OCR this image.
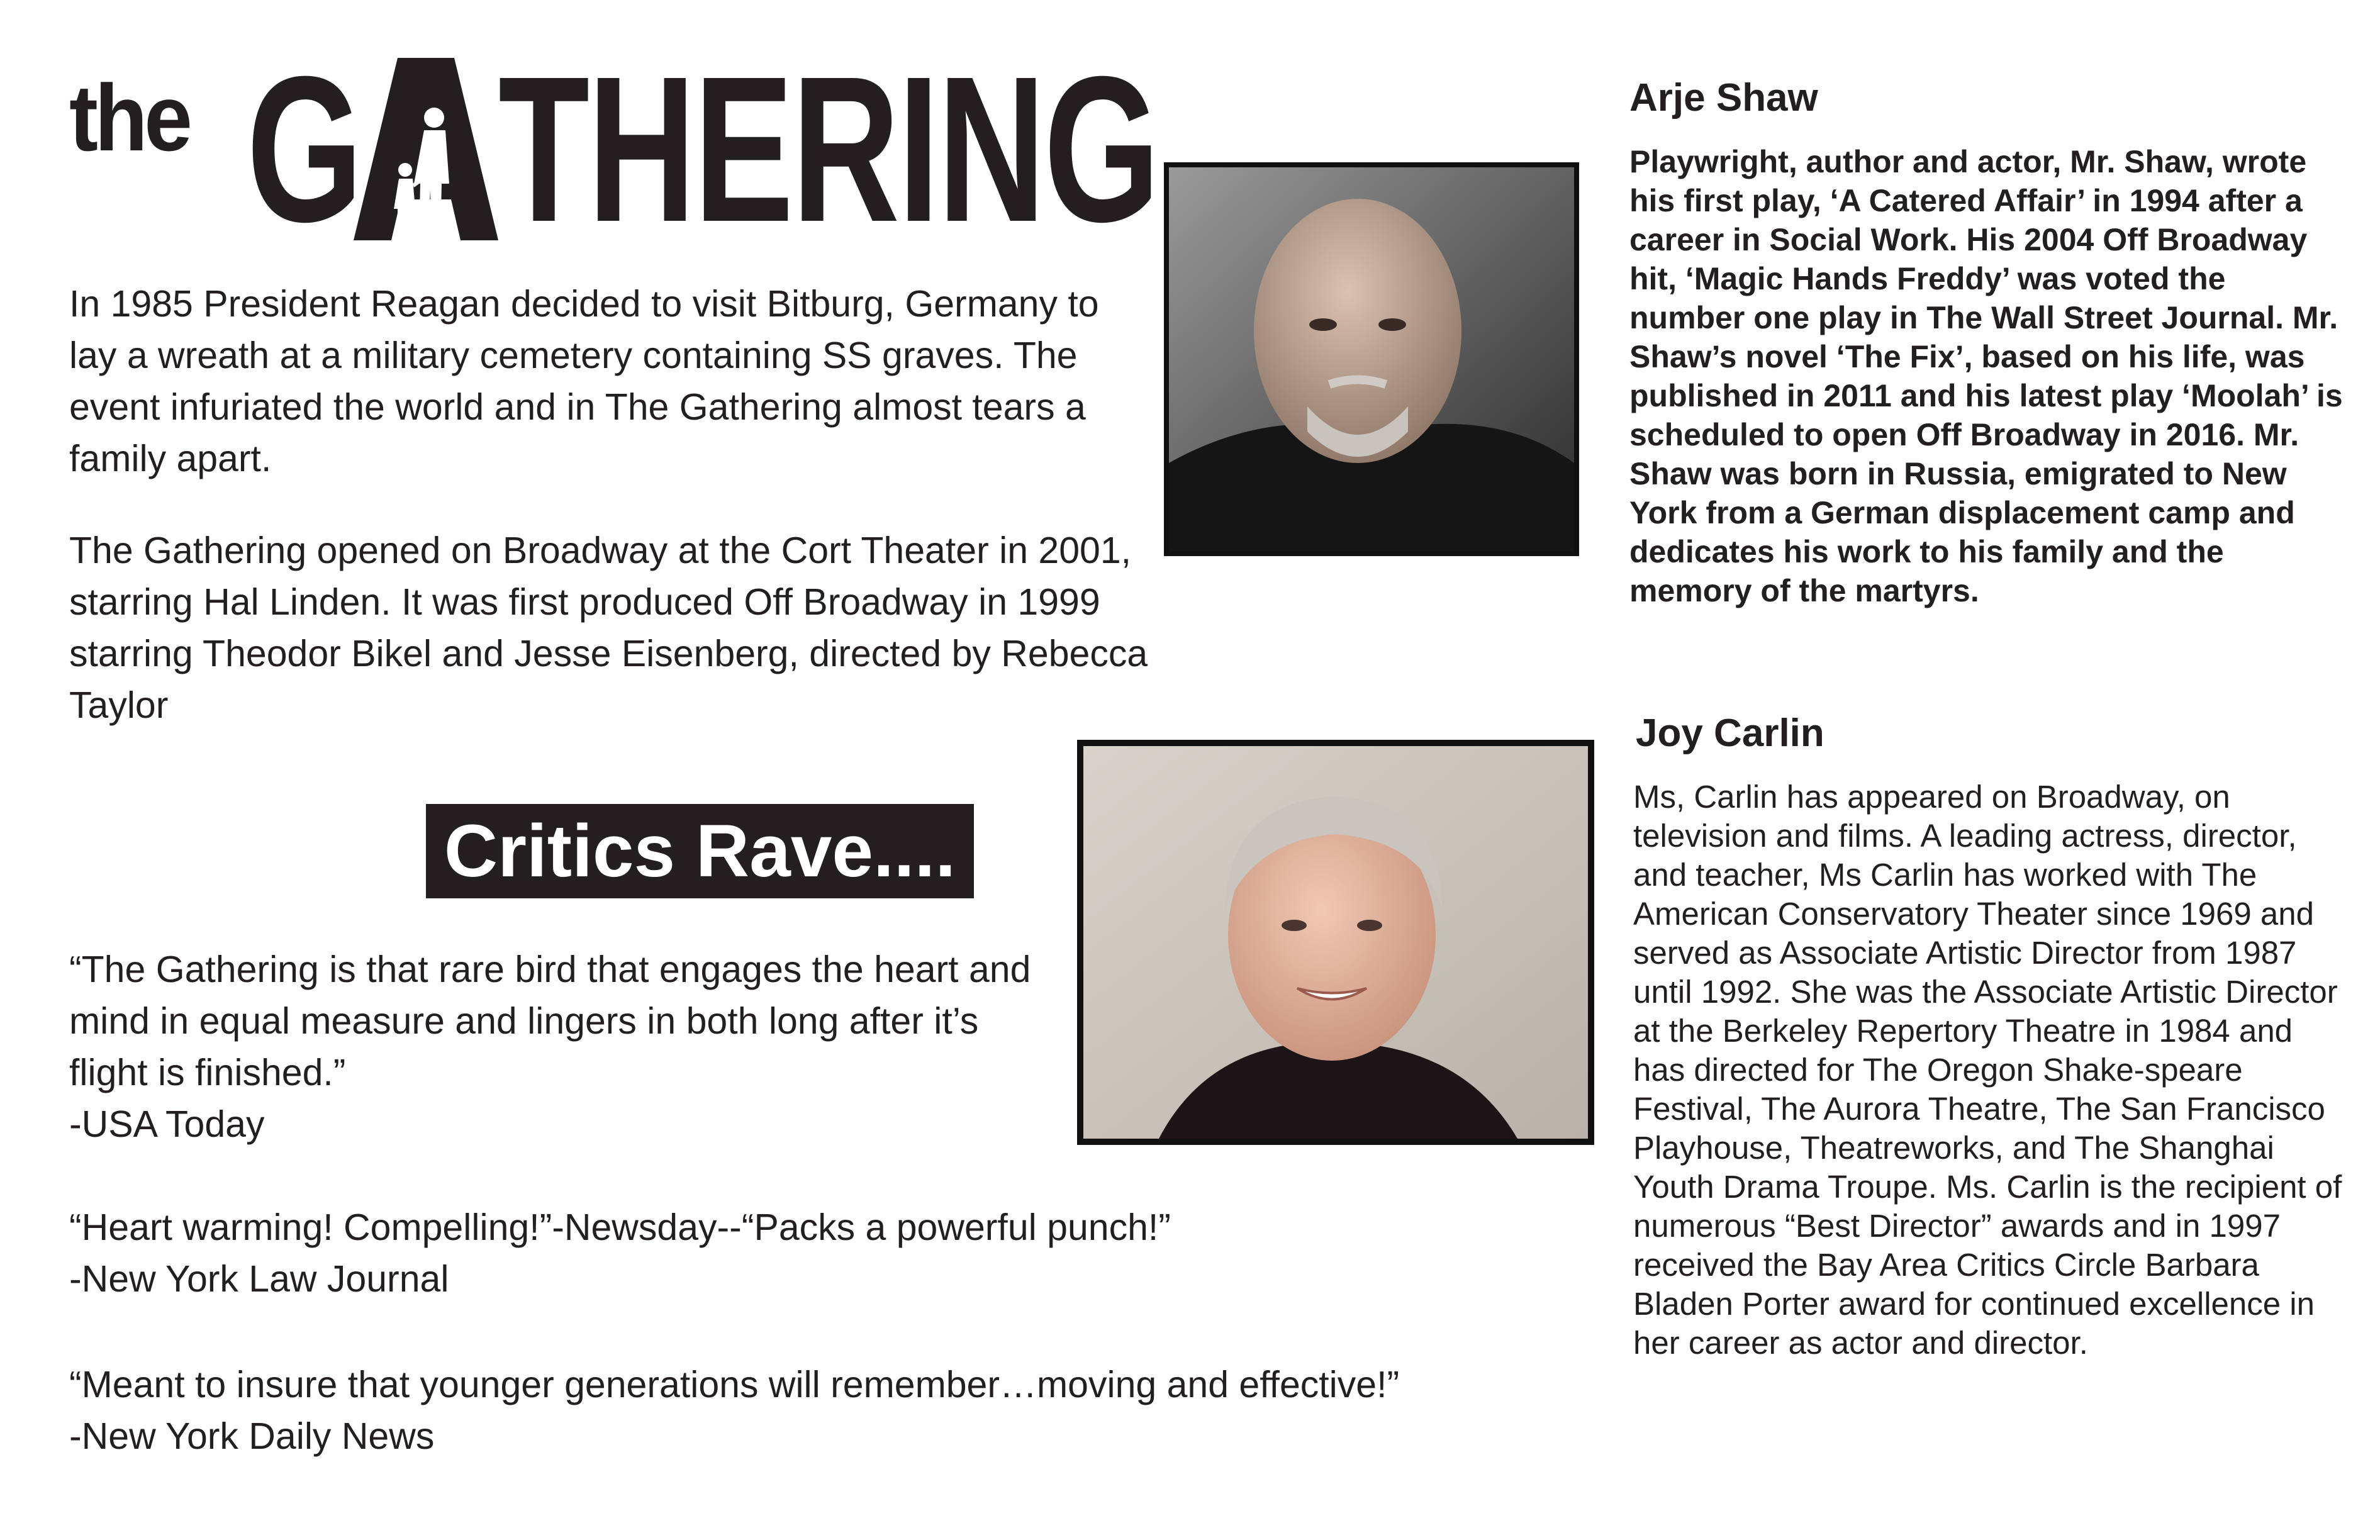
the G THERING

In 1985 President Reagan decided to visit Bitburg, Germany to lay a wreath at a military cemetery containing SS graves. The event infuriated the world and in The Gathering almost tears a family apart.

The Gathering opened on Broadway at the Cort Theater in 2001, starring Hal Linden. It was first produced Off Broadway in 1999 starring Theodor Bikel and Jesse Eisenberg, directed by Rebecca Taylor

Critics Rave....

“The Gathering is that rare bird that engages the heart and mind in equal measure and lingers in both long after it’s flight is finished.”

-USA Today

“Heart warming! Compelling!”-Newsday--“Packs a powerful punch!”

-New York Law Journal

“Meant to insure that younger generations will remember…moving and effective!”

-New York Daily News

Arje Shaw

Playwright, author and actor, Mr. Shaw, wrote his first play, ‘A Catered Affair’ in 1994 after a career in Social Work. His 2004 Off Broadway hit, ‘Magic Hands Freddy’ was voted the number one play in The Wall Street Journal. Mr. Shaw’s novel ‘The Fix’, based on his life, was published in 2011 and his latest play ‘Moolah’ is scheduled to open Off Broadway in 2016. Mr. Shaw was born in Russia, emigrated to New York from a German displacement camp and dedicates his work to his family and the memory of the martyrs.

Joy Carlin

Ms, Carlin has appeared on Broadway, on television and films. A leading actress, director, and teacher, Ms Carlin has worked with The American Conservatory Theater since 1969 and served as Associate Artistic Director from 1987 until 1992. She was the Associate Artistic Director at the Berkeley Repertory Theatre in 1984 and has directed for The Oregon Shake-speare Festival, The Aurora Theatre, The San Francisco Playhouse, Theatreworks, and The Shanghai Youth Drama Troupe. Ms. Carlin is the recipient of numerous “Best Director” awards and in 1997 received the Bay Area Critics Circle Barbara Bladen Porter award for continued excellence in her career as actor and director.
